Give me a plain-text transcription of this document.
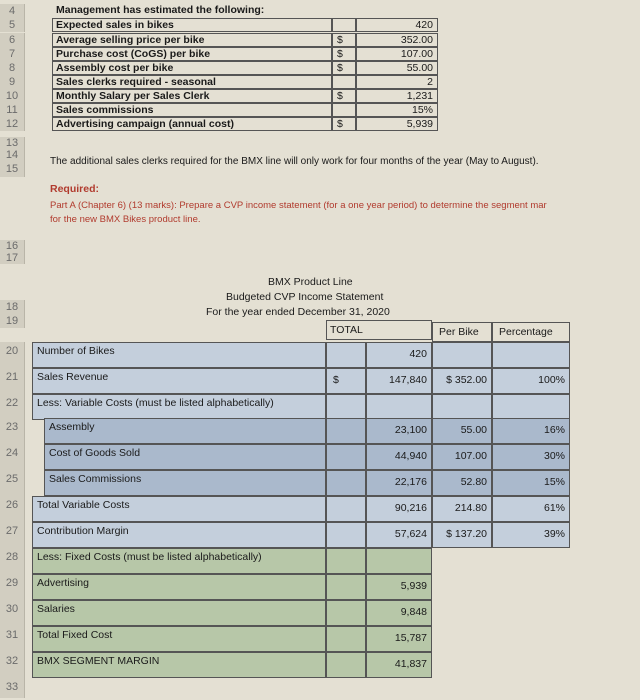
4	Management has estimated the following:
5	Expected sales in bikes	420
6	Average selling price per bike	$	352.00
7	Purchase cost (CoGS) per bike	$	107.00
8	Assembly cost per bike	$	55.00
9	Sales clerks required - seasonal	2
10	Monthly Salary per Sales Clerk	$	1,231
11	Sales commissions	15%
12	Advertising campaign (annual cost)	$	5,939
13
14
15
The additional sales clerks required for the BMX line will only work for four months of the year (May to August).
Required:
Part A (Chapter 6) (13 marks): Prepare a CVP income statement (for a one year period) to determine the segment mar
for the new BMX Bikes product line.
16
17
18
19
BMX Product Line
Budgeted CVP Income Statement
For the year ended December 31, 2020
TOTAL	Per Bike	Percentage
20	Number of Bikes	420
21	Sales Revenue	$	147,840	$ 352.00	100%
22	Less: Variable Costs (must be listed alphabetically)
23	Assembly	23,100	55.00	16%
24	Cost of Goods Sold	44,940	107.00	30%
25	Sales Commissions	22,176	52.80	15%
26	Total Variable Costs	90,216	214.80	61%
27	Contribution Margin	57,624	$ 137.20	39%
28	Less: Fixed Costs (must be listed alphabetically)
29	Advertising	5,939
30	Salaries	9,848
31	Total Fixed Cost	15,787
32	BMX SEGMENT MARGIN	41,837
33
